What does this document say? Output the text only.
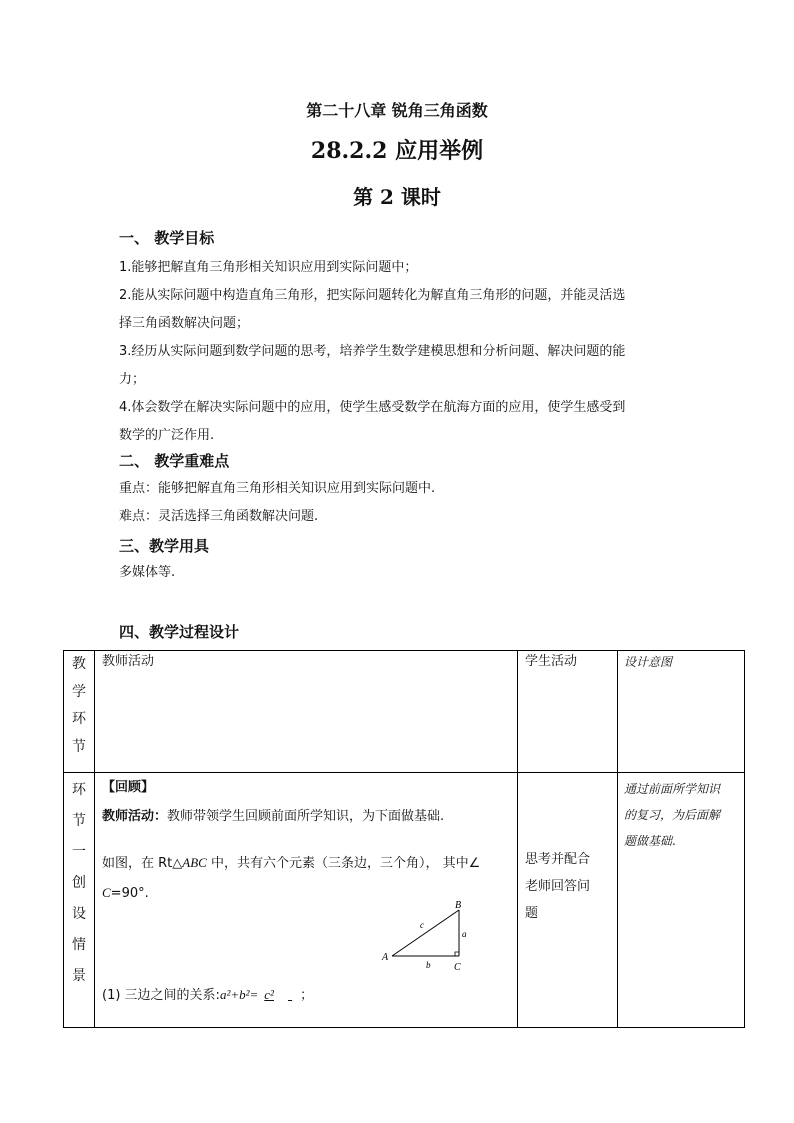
第二十八章 锐角三角函数
28.2.2 应用举例
第 2 课时
一、 教学目标
1.能够把解直角三角形相关知识应用到实际问题中；
2.能从实际问题中构造直角三角形，把实际问题转化为解直角三角形的问题，并能灵活选
择三角函数解决问题；
3.经历从实际问题到数学问题的思考，培养学生数学建模思想和分析问题、解决问题的能
力；
4.体会数学在解决实际问题中的应用，使学生感受数学在航海方面的应用，使学生感受到
数学的广泛作用.
二、 教学重难点
重点：能够把解直角三角形相关知识应用到实际问题中.
难点：灵活选择三角函数解决问题.
三、教学用具
多媒体等.
四、教学过程设计
教
学
环
节
教师活动	学生活动	设计意图
环
节
一
创
设
情
景
【回顾】
教师活动：教师带领学生回顾前面所学知识，为下面做基础.
如图，在 Rt△ABC 中，共有六个元素（三条边，三个角）， 其中∠
C=90°.
A
B
C
a
b
c
(1) 三边之间的关系:a²+b²= c² ；
思考并配合
老师回答问
题
通过前面所学知识
的复习，为后面解
题做基础.
